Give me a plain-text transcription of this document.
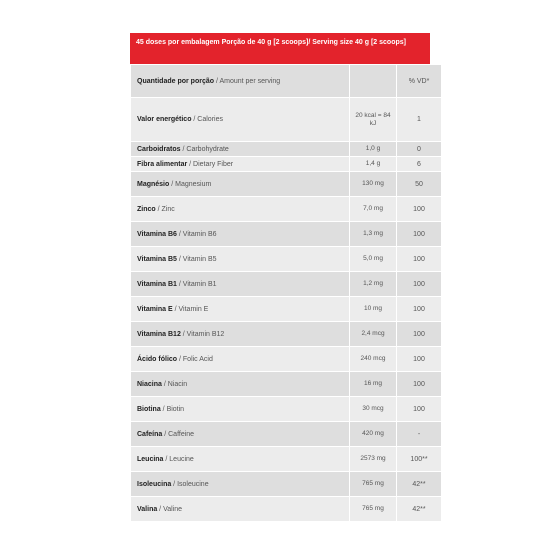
45 doses por embalagem Porção de 40 g [2 scoops]/ Serving size 40 g [2 scoops]
Quantidade por porção / Amount per serving		% VD*
Valor energético / Calories	20 kcal = 84 kJ	1
Carboidratos / Carbohydrate	1,0 g	0
Fibra alimentar / Dietary Fiber	1,4 g	6
Magnésio / Magnesium	130 mg	50
Zinco / Zinc	7,0 mg	100
Vitamina B6 / Vitamin B6	1,3 mg	100
Vitamina B5 / Vitamin B5	5,0 mg	100
Vitamina B1 / Vitamin B1	1,2 mg	100
Vitamina E / Vitamin E	10 mg	100
Vitamina B12 / Vitamin B12	2,4 mcg	100
Ácido fólico / Folic Acid	240 mcg	100
Niacina / Niacin	16 mg	100
Biotina / Biotin	30 mcg	100
Cafeína / Caffeine	420 mg	-
Leucina / Leucine	2573 mg	100**
Isoleucina / Isoleucine	765 mg	42**
Valina / Valine	765 mg	42**
